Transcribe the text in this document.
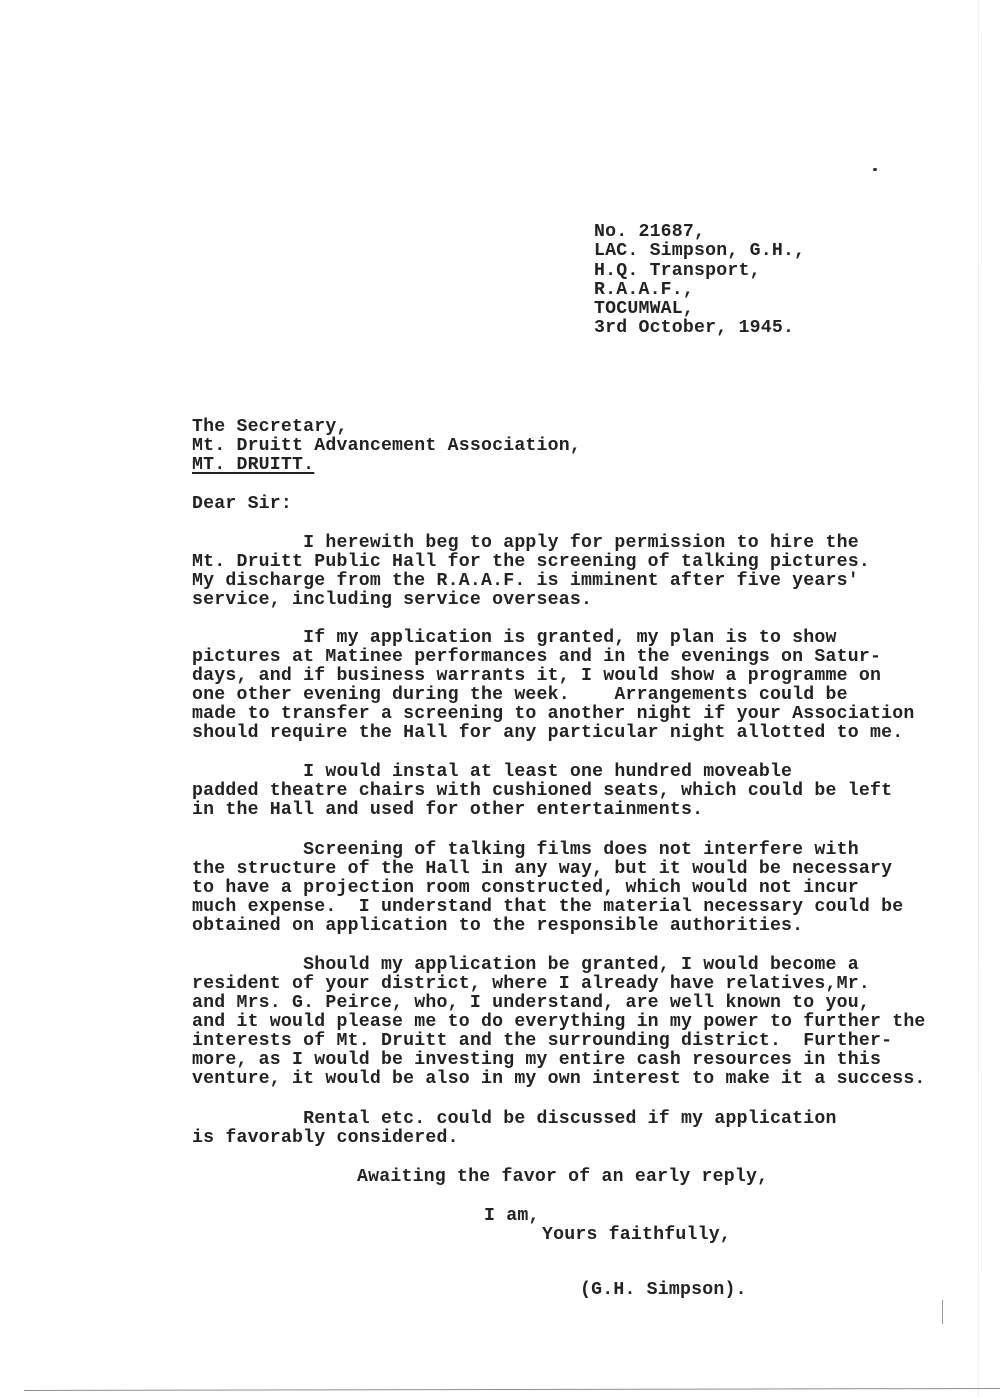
No. 21687,
LAC. Simpson, G.H.,
H.Q. Transport,
R.A.A.F.,
TOCUMWAL,
3rd October, 1945.
The Secretary,
Mt. Druitt Advancement Association,
MT. DRUITT.
Dear Sir:
I herewith beg to apply for permission to hire the
Mt. Druitt Public Hall for the screening of talking pictures.
My discharge from the R.A.A.F. is imminent after five years'
service, including service overseas.
If my application is granted, my plan is to show
pictures at Matinee performances and in the evenings on Satur-
days, and if business warrants it, I would show a programme on
one other evening during the week.    Arrangements could be
made to transfer a screening to another night if your Association
should require the Hall for any particular night allotted to me.
I would instal at least one hundred moveable
padded theatre chairs with cushioned seats, which could be left
in the Hall and used for other entertainments.
Screening of talking films does not interfere with
the structure of the Hall in any way, but it would be necessary
to have a projection room constructed, which would not incur
much expense.  I understand that the material necessary could be
obtained on application to the responsible authorities.
Should my application be granted, I would become a
resident of your district, where I already have relatives,Mr.
and Mrs. G. Peirce, who, I understand, are well known to you,
and it would please me to do everything in my power to further the
interests of Mt. Druitt and the surrounding district.  Further-
more, as I would be investing my entire cash resources in this
venture, it would be also in my own interest to make it a success.
Rental etc. could be discussed if my application
is favorably considered.
Awaiting the favor of an early reply,
I am,
Yours faithfully,
(G.H. Simpson).
